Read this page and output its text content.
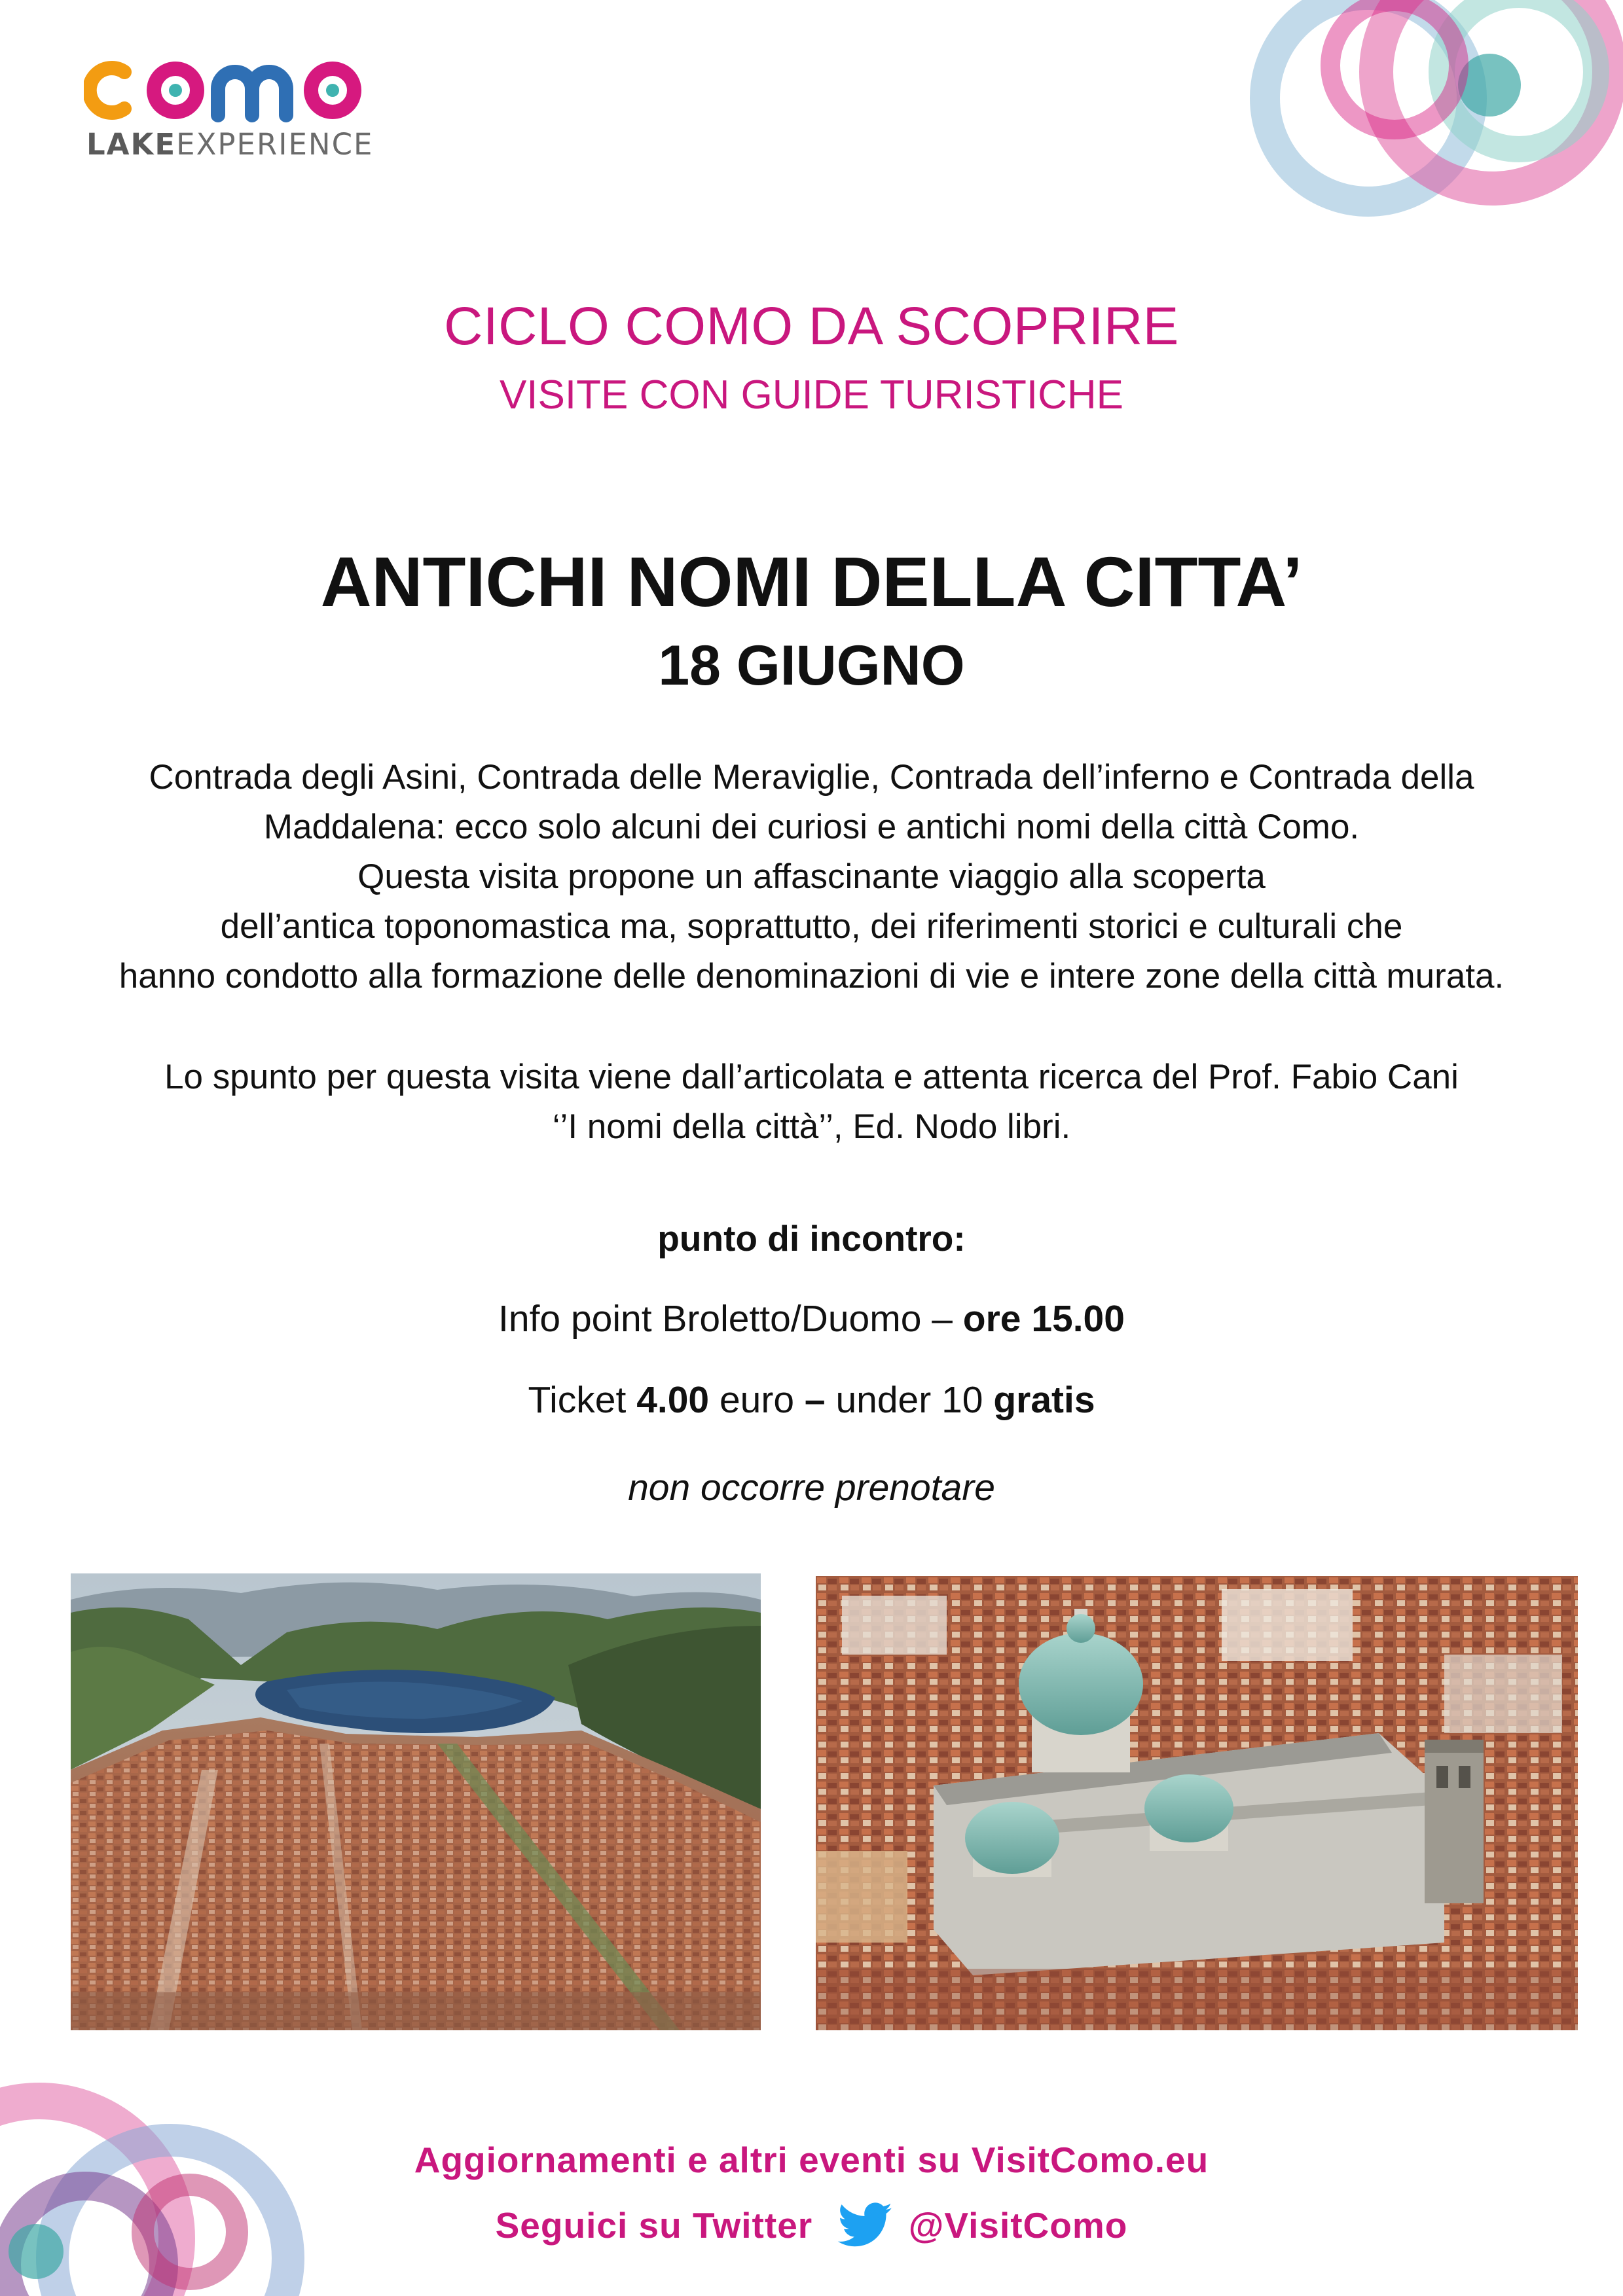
LAKEEXPERIENCE
CICLO COMO DA SCOPRIRE
VISITE CON GUIDE TURISTICHE
ANTICHI NOMI DELLA CITTA’
18 GIUGNO
Contrada degli Asini, Contrada delle Meraviglie, Contrada dell’inferno e Contrada della
Maddalena: ecco solo alcuni dei curiosi e antichi nomi della città Como.
Questa visita propone un affascinante viaggio alla scoperta
dell’antica toponomastica ma, soprattutto, dei riferimenti storici e culturali che
hanno condotto alla formazione delle denominazioni di vie e intere zone della città murata.
Lo spunto per questa visita viene dall’articolata e attenta ricerca del Prof. Fabio Cani
‘’I nomi della città’’, Ed. Nodo libri.
punto di incontro:
Info point Broletto/Duomo – ore 15.00
Ticket 4.00 euro – under 10 gratis
non occorre prenotare
Aggiornamenti e altri eventi su VisitComo.eu
Seguici su Twitter	@VisitComo
